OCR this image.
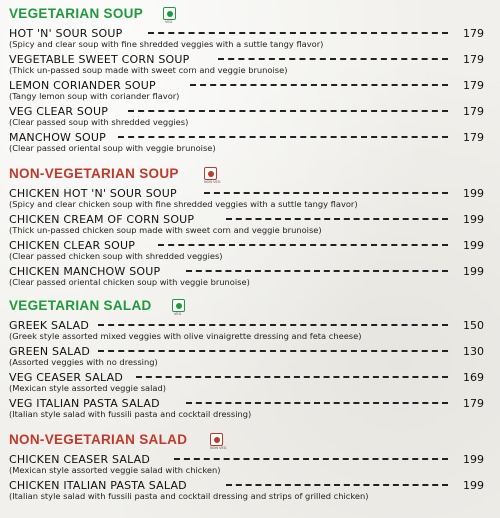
VEGETARIAN SOUP
VEG
HOT 'N' SOUR SOUP	179
(Spicy and clear soup with fine shredded veggies with a suttle tangy flavor)
VEGETABLE SWEET CORN SOUP	179
(Thick un-passed soup made with sweet corn and veggie brunoise)
LEMON CORIANDER SOUP	179
(Tangy lemon soup with coriander flavor)
VEG CLEAR SOUP	179
(Clear passed soup with shredded veggies)
MANCHOW SOUP	179
(Clear passed oriental soup with veggie brunoise)
NON-VEGETARIAN SOUP
NON VEG
CHICKEN HOT 'N' SOUR SOUP	199
(Spicy and clear chicken soup with fine shredded veggies with a suttle tangy flavor)
CHICKEN CREAM OF CORN SOUP	199
(Thick un-passed chicken soup made with sweet corn and veggie brunoise)
CHICKEN CLEAR SOUP	199
(Clear passed chicken soup with shredded veggies)
CHICKEN MANCHOW SOUP	199
(Clear passed oriental chicken soup with veggie brunoise)
VEGETARIAN SALAD
VEG
GREEK SALAD	150
(Greek style assorted mixed veggies with olive vinaigrette dressing and feta cheese)
GREEN SALAD	130
(Assorted veggies with no dressing)
VEG CEASER SALAD	169
(Mexican style assorted veggie salad)
VEG ITALIAN PASTA SALAD	179
(Italian style salad with fussili pasta and cocktail dressing)
NON-VEGETARIAN SALAD
NON VEG
CHICKEN CEASER SALAD	199
(Mexican style assorted veggie salad with chicken)
CHICKEN ITALIAN PASTA SALAD	199
(Italian style salad with fussili pasta and cocktail dressing and strips of grilled chicken)
